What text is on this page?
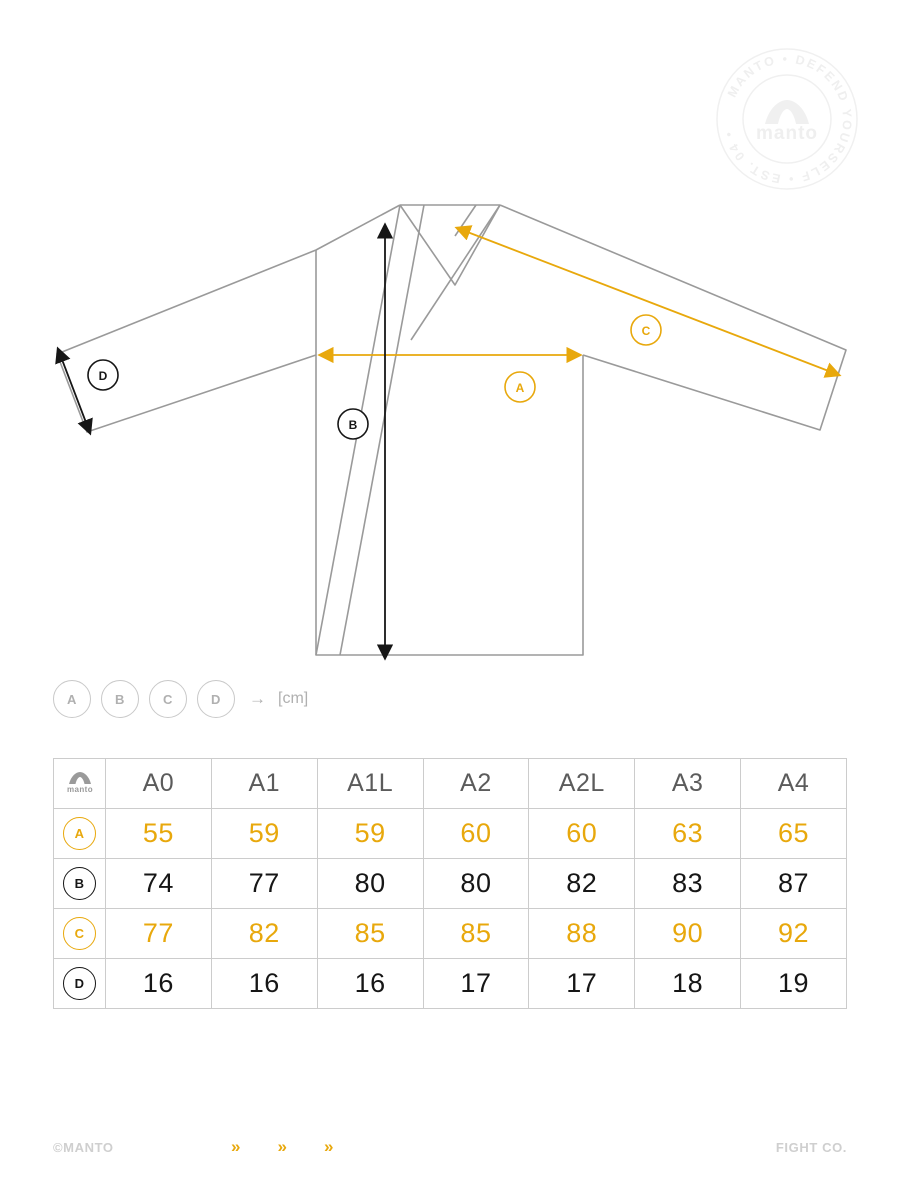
MANTO • DEFEND YOURSELF • EST. 04 •	manto
A
B
C
D
A	B	C	D	→ [cm]
manto	A0	A1	A1L	A2	A2L	A3	A4

A	55	59	59	60	60	63	65

B	74	77	80	80	82	83	87

C	77	82	85	85	88	90	92

D	16	16	16	17	17	18	19
©MANTO	» » »	FIGHT CO.
